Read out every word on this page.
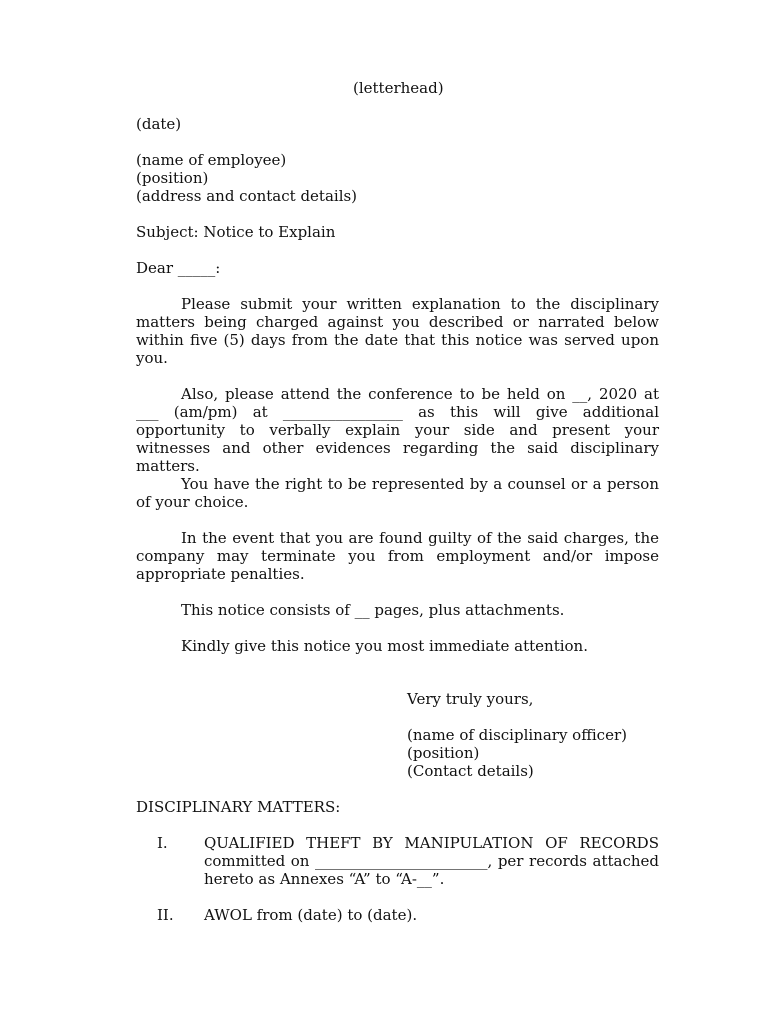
(letterhead)
(date)
(name of employee)
(position)
(address and contact details)
Subject: Notice to Explain
Dear _____:
Please submit your written explanation to the disciplinary matters being charged against you described or narrated below within five (5) days from the date that this notice was served upon you.
Also, please attend the conference to be held on __, 2020 at ___ (am/pm) at ________________ as this will give additional opportunity to verbally explain your side and present your witnesses and other evidences regarding the said disciplinary matters.
You have the right to be represented by a counsel or a person of your choice.
In the event that you are found guilty of the said charges, the company may terminate you from employment and/or impose appropriate penalties.
This notice consists of __ pages, plus attachments.
Kindly give this notice you most immediate attention.
Very truly yours,
(name of disciplinary officer)
(position)
(Contact details)
DISCIPLINARY MATTERS:
I. QUALIFIED THEFT BY MANIPULATION OF RECORDS committed on _______________________, per records attached hereto as Annexes “A” to “A-__”.
II. AWOL from (date) to (date).
